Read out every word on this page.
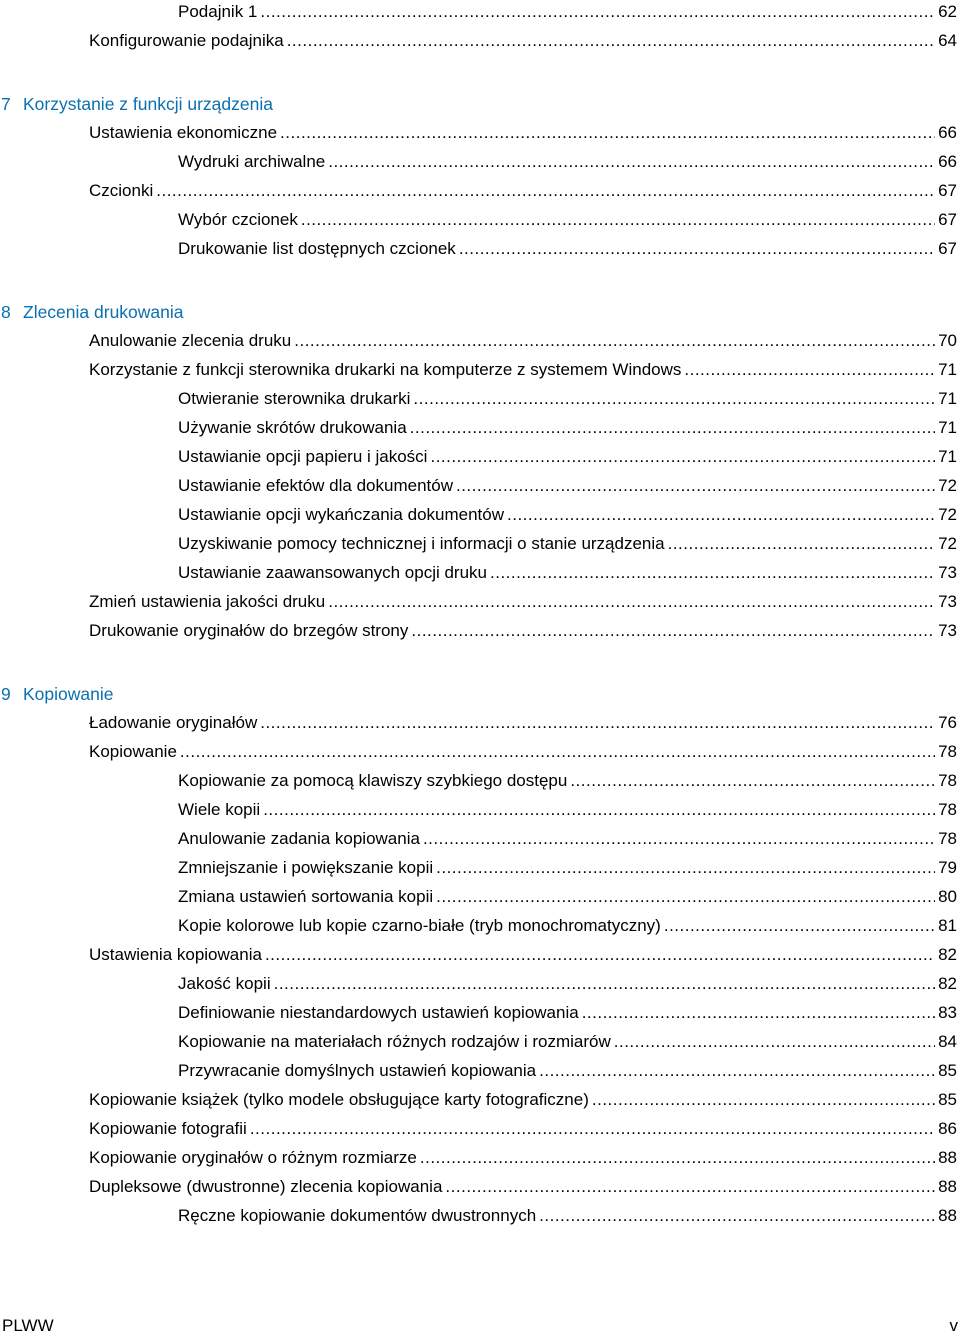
Podajnik 1 .....	62
Konfigurowanie podajnika .....	64
7 Korzystanie z funkcji urządzenia
Ustawienia ekonomiczne .....	66
Wydruki archiwalne .....	66
Czcionki .....	67
Wybór czcionek .....	67
Drukowanie list dostępnych czcionek .....	67
8 Zlecenia drukowania
Anulowanie zlecenia druku .....	70
Korzystanie z funkcji sterownika drukarki na komputerze z systemem Windows .....	71
Otwieranie sterownika drukarki .....	71
Używanie skrótów drukowania .....	71
Ustawianie opcji papieru i jakości .....	71
Ustawianie efektów dla dokumentów .....	72
Ustawianie opcji wykańczania dokumentów .....	72
Uzyskiwanie pomocy technicznej i informacji o stanie urządzenia .....	72
Ustawianie zaawansowanych opcji druku .....	73
Zmień ustawienia jakości druku .....	73
Drukowanie oryginałów do brzegów strony .....	73
9 Kopiowanie
Ładowanie oryginałów .....	76
Kopiowanie .....	78
Kopiowanie za pomocą klawiszy szybkiego dostępu .....	78
Wiele kopii .....	78
Anulowanie zadania kopiowania .....	78
Zmniejszanie i powiększanie kopii .....	79
Zmiana ustawień sortowania kopii .....	80
Kopie kolorowe lub kopie czarno-białe (tryb monochromatyczny) .....	81
Ustawienia kopiowania .....	82
Jakość kopii .....	82
Definiowanie niestandardowych ustawień kopiowania .....	83
Kopiowanie na materiałach różnych rodzajów i rozmiarów .....	84
Przywracanie domyślnych ustawień kopiowania .....	85
Kopiowanie książek (tylko modele obsługujące karty fotograficzne) .....	85
Kopiowanie fotografii .....	86
Kopiowanie oryginałów o różnym rozmiarze .....	88
Dupleksowe (dwustronne) zlecenia kopiowania .....	88
Ręczne kopiowanie dokumentów dwustronnych .....	88
PLWW	v
